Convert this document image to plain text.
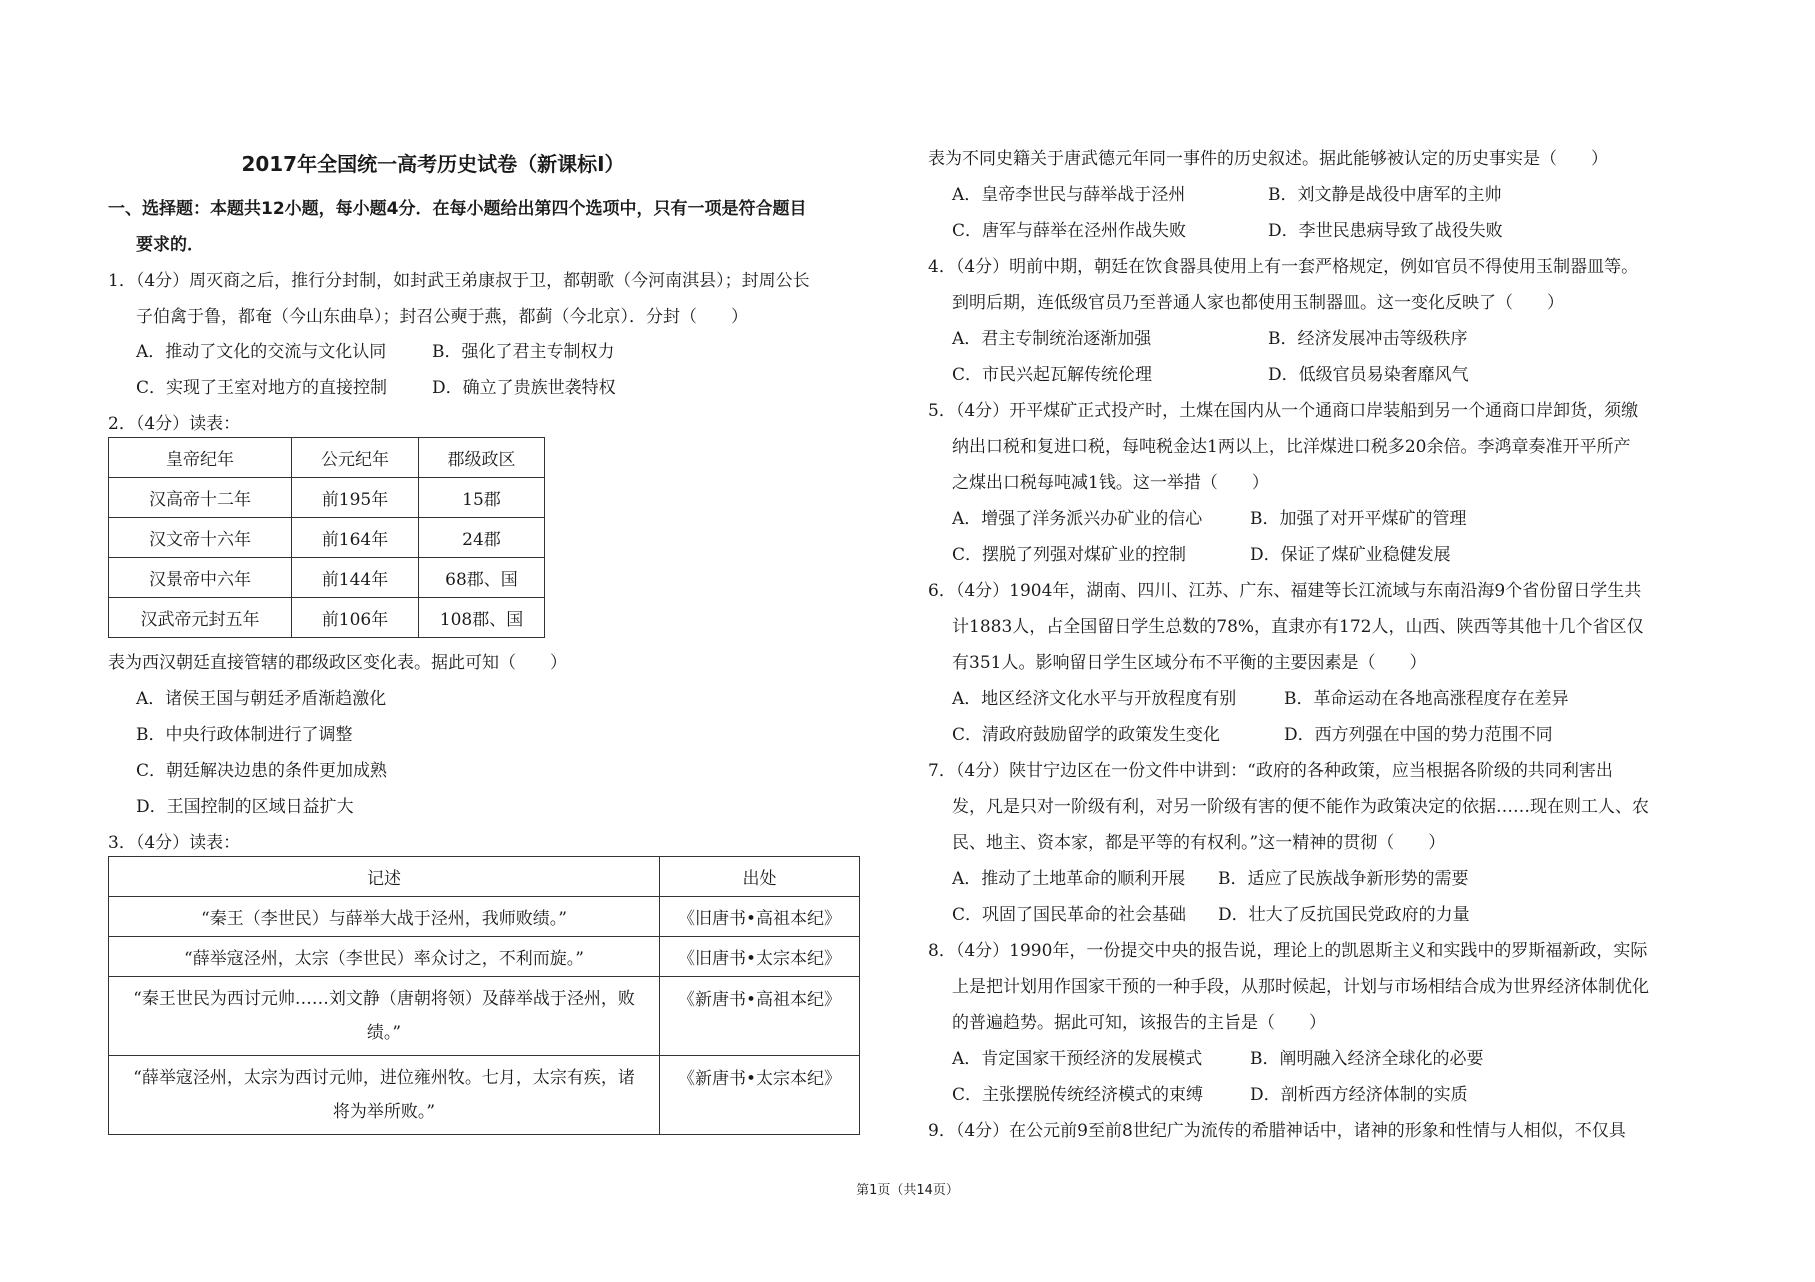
2017年全国统一高考历史试卷（新课标Ⅰ）
一、选择题：本题共12小题，每小题4分．在每小题给出第四个选项中，只有一项是符合题目
要求的．
1．（4分）周灭商之后，推行分封制，如封武王弟康叔于卫，都朝歌（今河南淇县）；封周公长
子伯禽于鲁，都奄（今山东曲阜）；封召公奭于燕，都蓟（今北京）．分封（　　）
A．推动了文化的交流与文化认同	B．强化了君主专制权力
C．实现了王室对地方的直接控制	D．确立了贵族世袭特权
2．（4分）读表：
皇帝纪年	公元纪年	郡级政区
汉高帝十二年	前195年	15郡
汉文帝十六年	前164年	24郡
汉景帝中六年	前144年	68郡、国
汉武帝元封五年	前106年	108郡、国
表为西汉朝廷直接管辖的郡级政区变化表。据此可知（　　）
A．诸侯王国与朝廷矛盾渐趋激化
B．中央行政体制进行了调整
C．朝廷解决边患的条件更加成熟
D．王国控制的区域日益扩大
3．（4分）读表：
记述	出处
“秦王（李世民）与薛举大战于泾州，我师败绩。”	《旧唐书•高祖本纪》
“薛举寇泾州，太宗（李世民）率众讨之，不利而旋。”	《旧唐书•太宗本纪》

“秦王世民为西讨元帅……刘文静（唐朝将领）及薛举战于泾州，败
绩。”	《新唐书•高祖本纪》

“薛举寇泾州，太宗为西讨元帅，进位雍州牧。七月，太宗有疾，诸
将为举所败。”	《新唐书•太宗本纪》
表为不同史籍关于唐武德元年同一事件的历史叙述。据此能够被认定的历史事实是（　　）
A．皇帝李世民与薛举战于泾州	B．刘文静是战役中唐军的主帅
C．唐军与薛举在泾州作战失败	D．李世民患病导致了战役失败
4．（4分）明前中期，朝廷在饮食器具使用上有一套严格规定，例如官员不得使用玉制器皿等。
到明后期，连低级官员乃至普通人家也都使用玉制器皿。这一变化反映了（　　）
A．君主专制统治逐渐加强	B．经济发展冲击等级秩序
C．市民兴起瓦解传统伦理	D．低级官员易染奢靡风气
5．（4分）开平煤矿正式投产时，土煤在国内从一个通商口岸装船到另一个通商口岸卸货，须缴
纳出口税和复进口税，每吨税金达1两以上，比洋煤进口税多20余倍。李鸿章奏准开平所产
之煤出口税每吨减1钱。这一举措（　　）
A．增强了洋务派兴办矿业的信心	B．加强了对开平煤矿的管理
C．摆脱了列强对煤矿业的控制	D．保证了煤矿业稳健发展
6．（4分）1904年，湖南、四川、江苏、广东、福建等长江流域与东南沿海9个省份留日学生共
计1883人，占全国留日学生总数的78%，直隶亦有172人，山西、陕西等其他十几个省区仅
有351人。影响留日学生区域分布不平衡的主要因素是（　　）
A．地区经济文化水平与开放程度有别	B．革命运动在各地高涨程度存在差异
C．清政府鼓励留学的政策发生变化	D．西方列强在中国的势力范围不同
7．（4分）陕甘宁边区在一份文件中讲到：“政府的各种政策，应当根据各阶级的共同利害出
发，凡是只对一阶级有利，对另一阶级有害的便不能作为政策决定的依据……现在则工人、农
民、地主、资本家，都是平等的有权利。”这一精神的贯彻（　　）
A．推动了土地革命的顺利开展 B．适应了民族战争新形势的需要
C．巩固了国民革命的社会基础 D．壮大了反抗国民党政府的力量
8．（4分）1990年，一份提交中央的报告说，理论上的凯恩斯主义和实践中的罗斯福新政，实际
上是把计划用作国家干预的一种手段，从那时候起，计划与市场相结合成为世界经济体制优化
的普遍趋势。据此可知，该报告的主旨是（　　）
A．肯定国家干预经济的发展模式	B．阐明融入经济全球化的必要
C．主张摆脱传统经济模式的束缚	D．剖析西方经济体制的实质
9．（4分）在公元前9至前8世纪广为流传的希腊神话中，诸神的形象和性情与人相似，不仅具
第1页（共14页）
